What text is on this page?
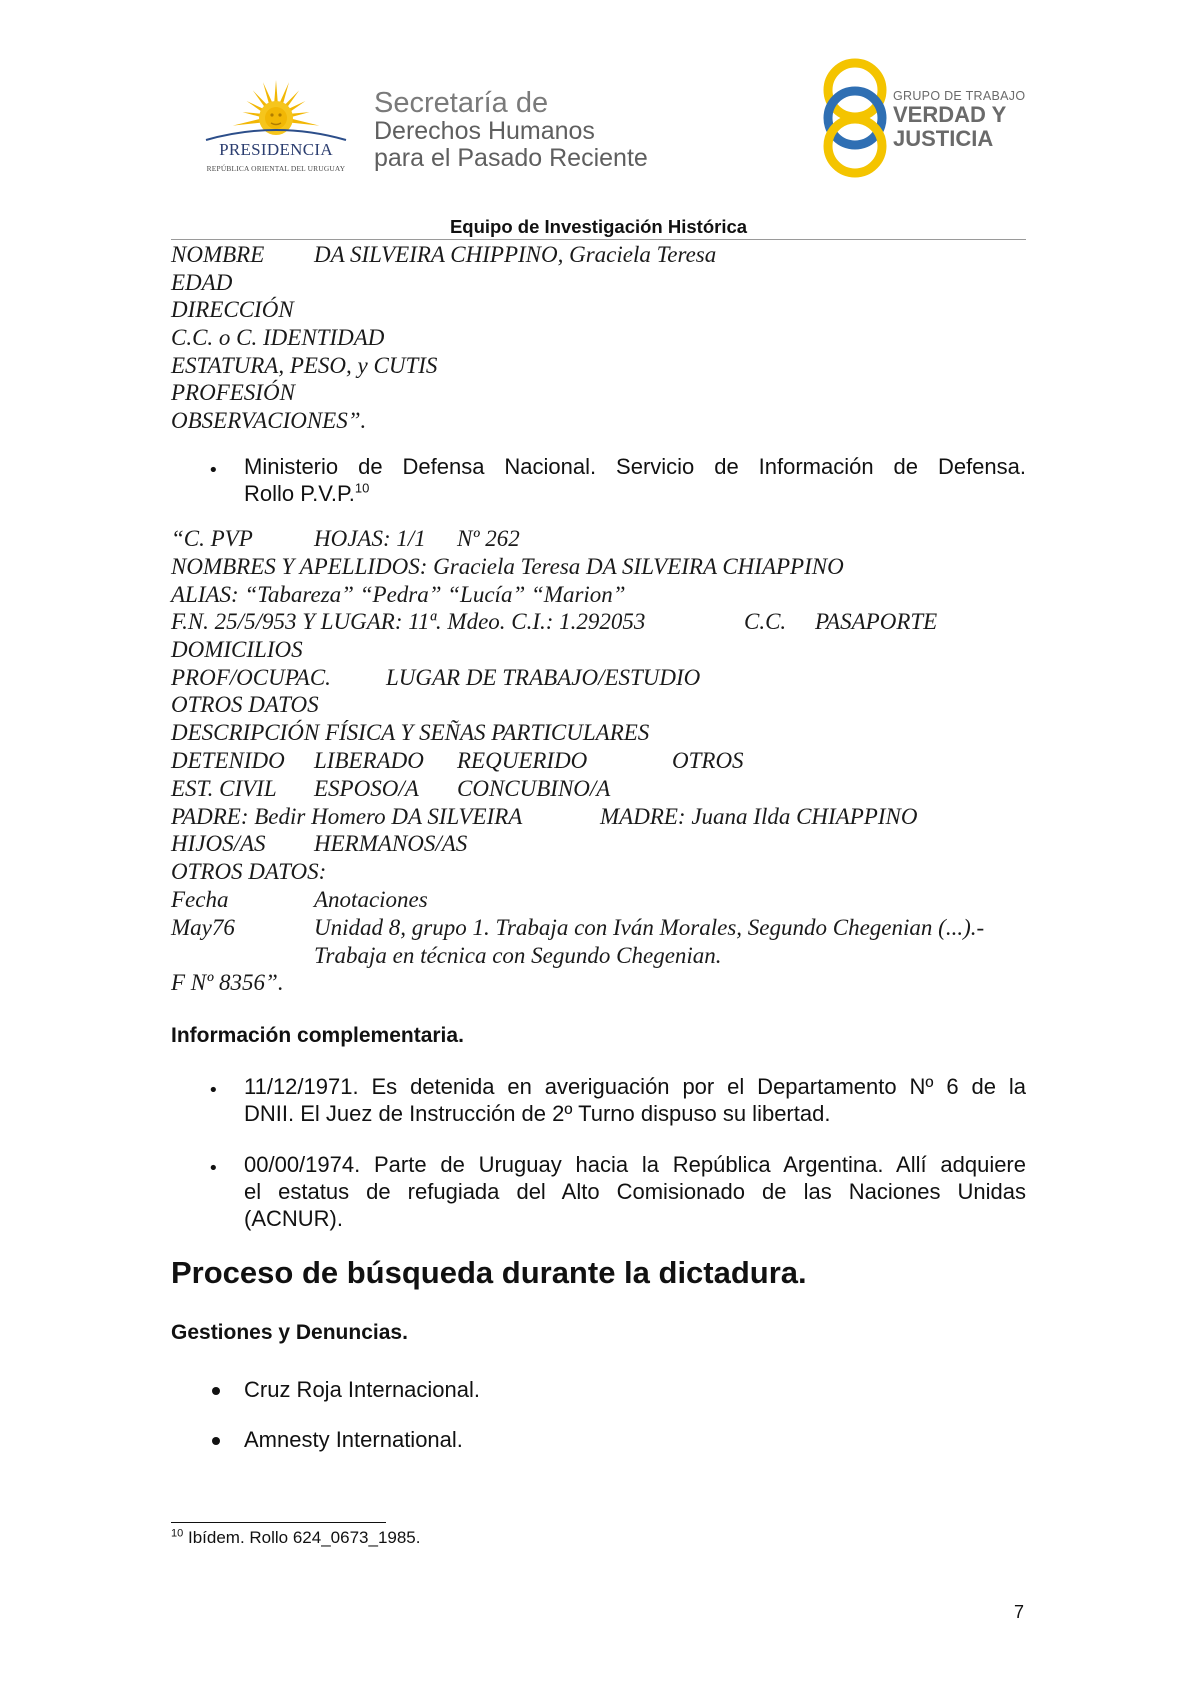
PRESIDENCIA
REPÚBLICA ORIENTAL DEL URUGUAY
Secretaría de
Derechos Humanos
para el Pasado Reciente
GRUPO DE TRABAJO
VERDAD Y
JUSTICIA
Equipo de Investigación Histórica
NOMBRE DA SILVEIRA CHIPPINO, Graciela Teresa
EDAD
DIRECCIÓN
C.C. o C. IDENTIDAD
ESTATURA, PESO, y CUTIS
PROFESIÓN
OBSERVACIONES”.
• Ministerio de Defensa Nacional. Servicio de Información de Defensa.
Rollo P.V.P.$^{10}$
“C. PVP	HOJAS: 1/1 Nº 262
NOMBRES Y APELLIDOS: Graciela Teresa DA SILVEIRA CHIAPPINO
ALIAS: “Tabareza” “Pedra” “Lucía” “Marion”
F.N. 25/5/953 Y LUGAR: 11ª. Mdeo. C.I.: 1.292053	C.C. PASAPORTE
DOMICILIOS
PROF/OCUPAC. LUGAR DE TRABAJO/ESTUDIO
OTROS DATOS
DESCRIPCIÓN FÍSICA Y SEÑAS PARTICULARES
DETENIDO LIBERADO REQUERIDO	OTROS
EST. CIVIL ESPOSO/A CONCUBINO/A
PADRE: Bedir Homero DA SILVEIRA	MADRE: Juana Ilda CHIAPPINO
HIJOS/AS HERMANOS/AS
OTROS DATOS:
Fecha	Anotaciones
May76	Unidad 8, grupo 1. Trabaja con Iván Morales, Segundo Chegenian (...).-
Trabaja en técnica con Segundo Chegenian.
F Nº 8356”.
Información complementaria.
• 11/12/1971. Es detenida en averiguación por el Departamento Nº 6 de la
DNII. El Juez de Instrucción de 2º Turno dispuso su libertad.
• 00/00/1974. Parte de Uruguay hacia la República Argentina. Allí adquiere
el estatus de refugiada del Alto Comisionado de las Naciones Unidas
(ACNUR).
Proceso de búsqueda durante la dictadura.
Gestiones y Denuncias.
Cruz Roja Internacional.
Amnesty International.
$^{10}$ Ibídem. Rollo 624_0673_1985.
7
